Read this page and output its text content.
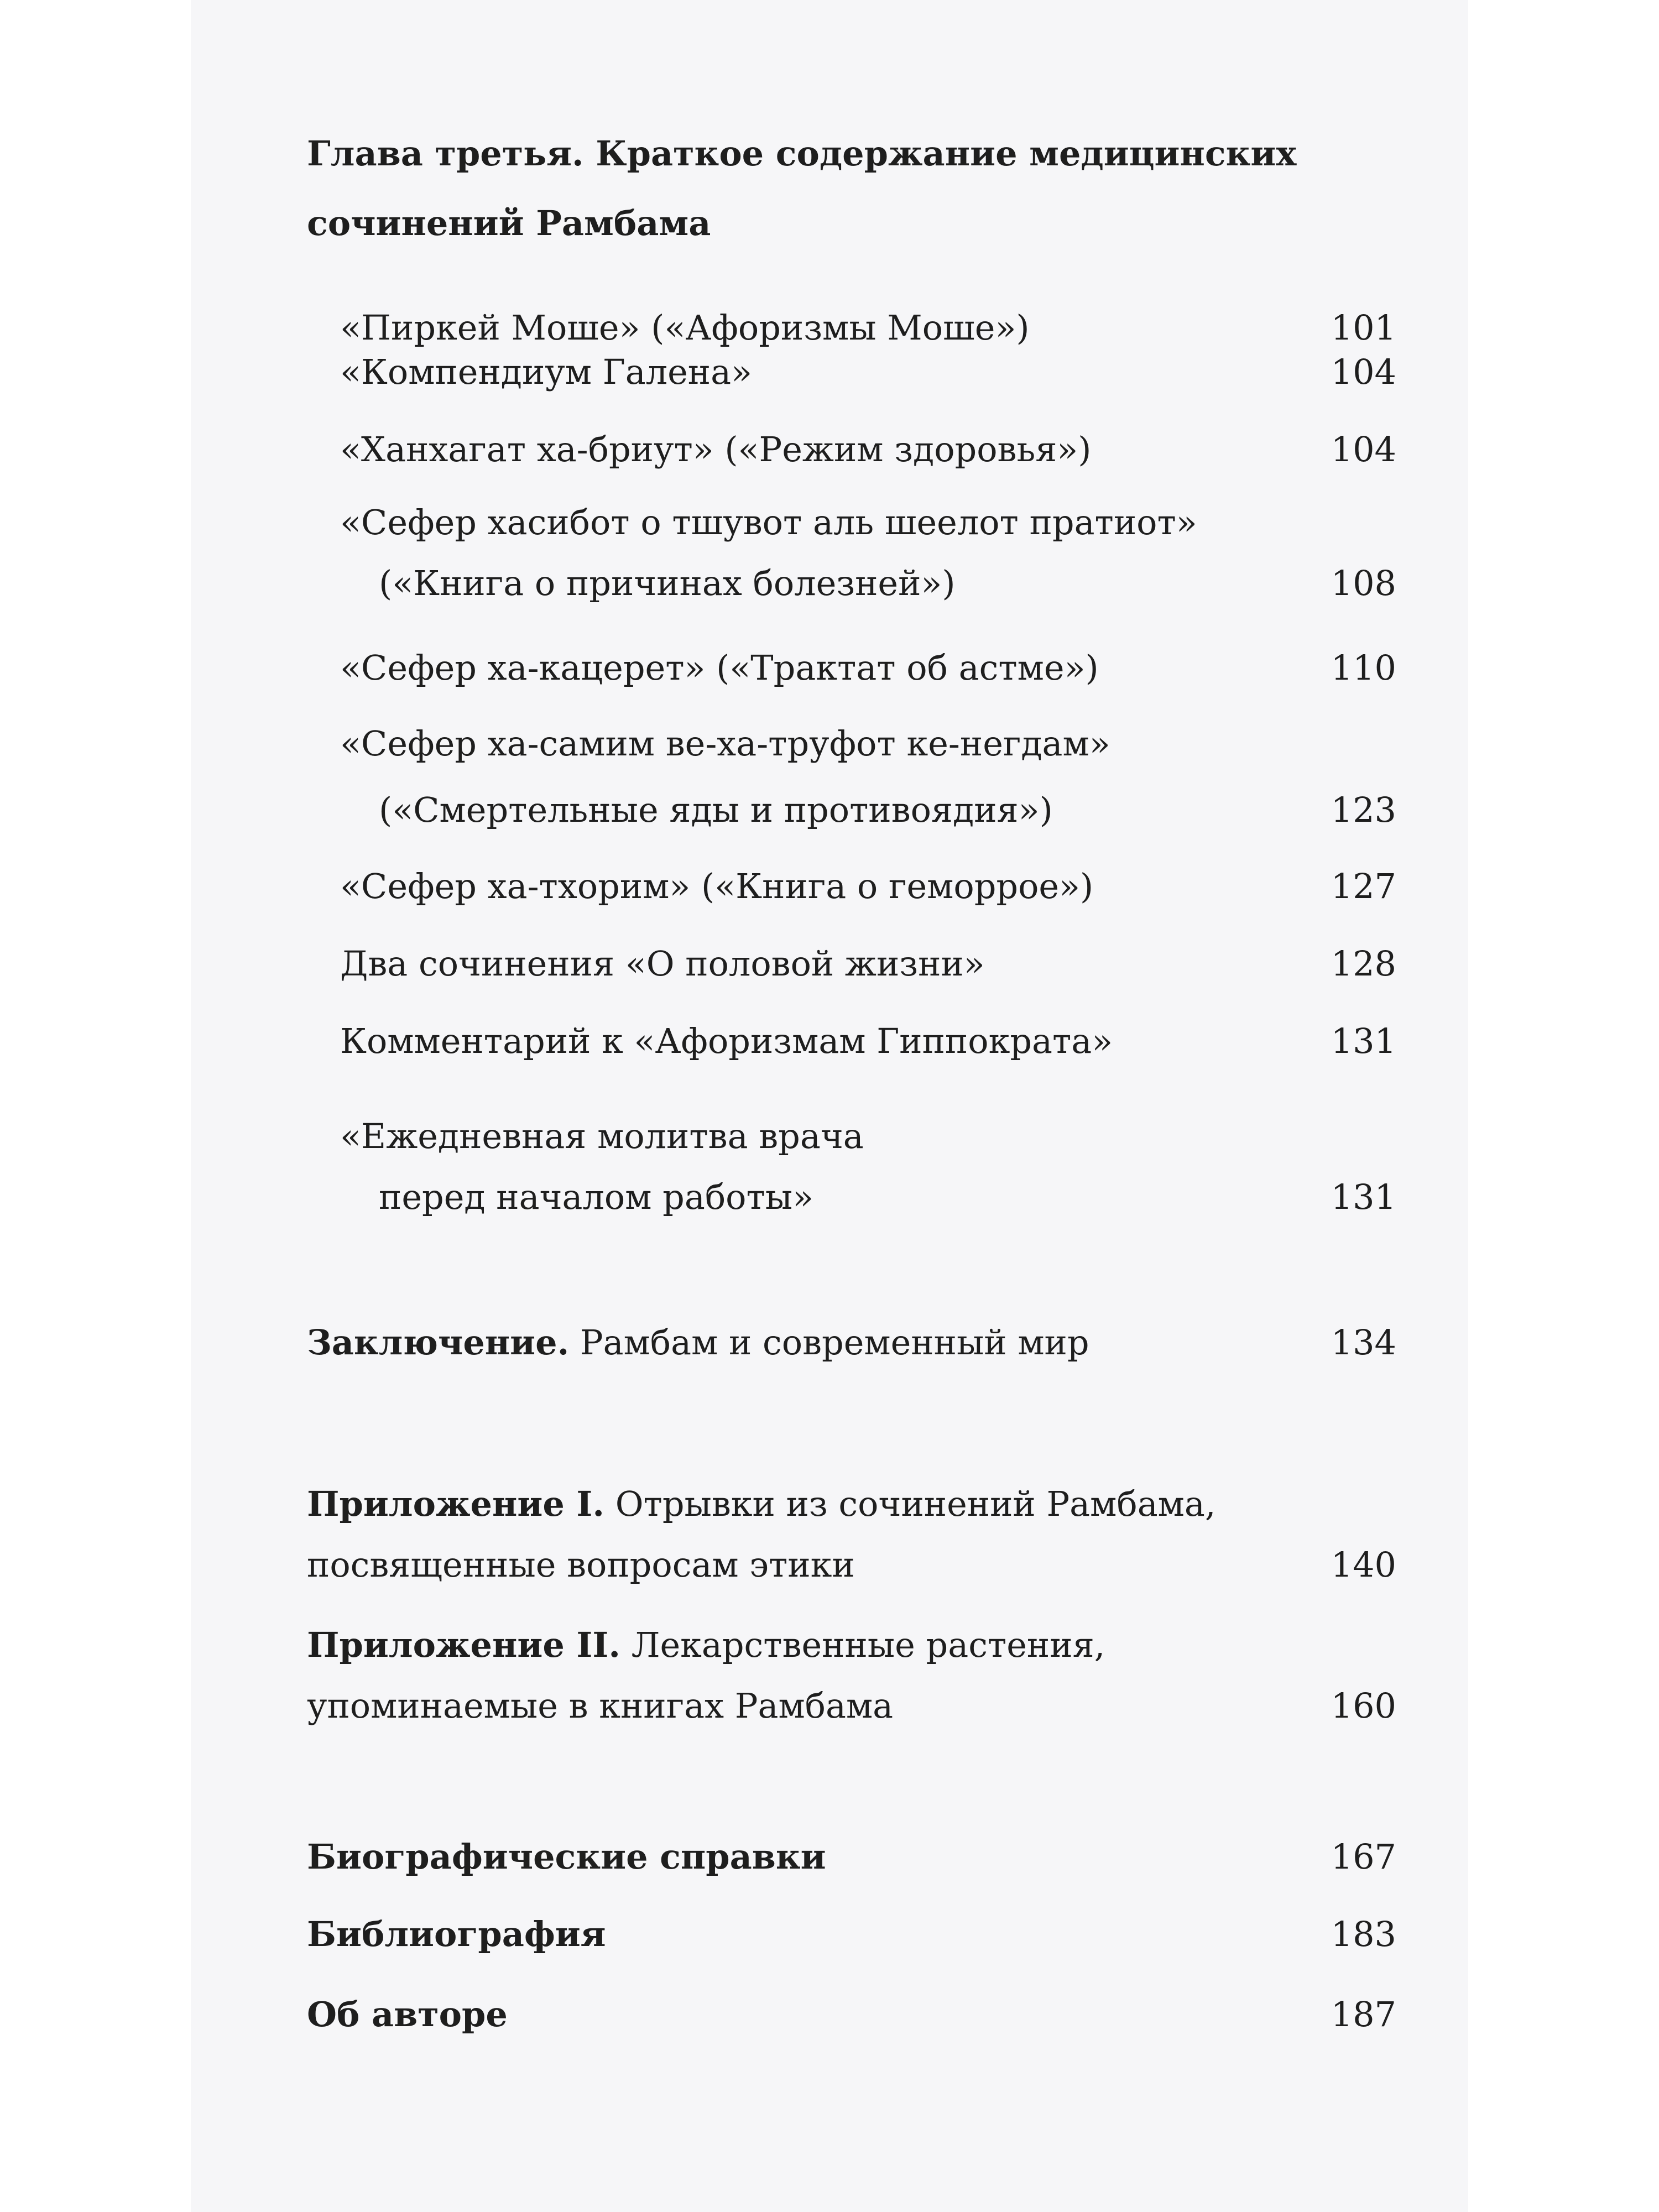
Глава третья. Краткое содержание медицинских
сочинений Рамбама
«Пиркей Моше» («Афоризмы Моше»)	101
«Компендиум Галена»	104
«Ханхагат ха-бриут» («Режим здоровья»)	104
«Сефер хасибот о тшувот аль шеелот пратиот»
(«Книга о причинах болезней»)	108
«Сефер ха-кацерет» («Трактат об астме»)	110
«Сефер ха-самим ве-ха-труфот ке-негдам»
(«Смертельные яды и противоядия»)	123
«Сефер ха-тхорим» («Книга о геморрое»)	127
Два сочинения «О половой жизни»	128
Комментарий к «Афоризмам Гиппократа»	131
«Ежедневная молитва врача
перед началом работы»	131
Заключение. Рамбам и современный мир	134
Приложение I. Отрывки из сочинений Рамбама,
посвященные вопросам этики	140
Приложение II. Лекарственные растения,
упоминаемые в книгах Рамбама	160
Биографические справки	167
Библиография	183
Об авторе	187
